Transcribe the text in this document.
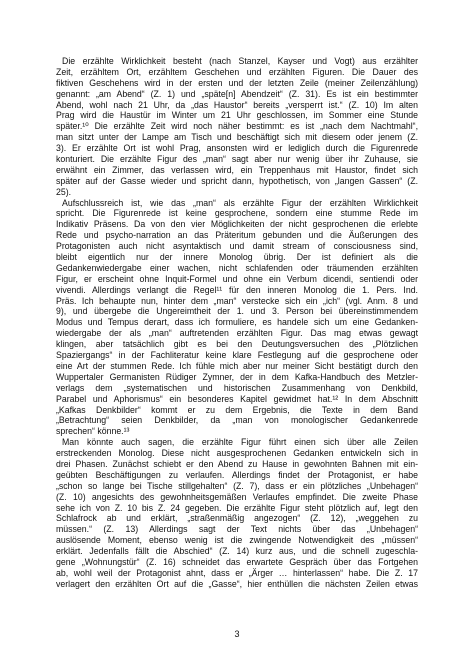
Die erzählte Wirklichkeit besteht (nach Stanzel, Kayser und Vogt) aus erzählter
Zeit, erzähltem Ort, erzähltem Geschehen und erzählten Figuren. Die Dauer des
fiktiven Geschehens wird in der ersten und der letzten Zeile (meiner Zeilenzählung)
genannt: „am Abend“ (Z. 1) und „späte[n] Abendzeit“ (Z. 31). Es ist ein bestimmter
Abend, wohl nach 21 Uhr, da „das Haustor“ bereits „versperrt ist.“ (Z. 10) Im alten
Prag wird die Haustür im Winter um 21 Uhr geschlossen, im Sommer eine Stunde
später.¹⁰ Die erzählte Zeit wird noch näher bestimmt: es ist „nach dem Nachtmahl“,
man sitzt unter der Lampe am Tisch und beschäftigt sich mit diesem oder jenem (Z.
3). Er erzählte Ort ist wohl Prag, ansonsten wird er lediglich durch die Figurenrede
konturiert. Die erzählte Figur des „man“ sagt aber nur wenig über ihr Zuhause, sie
erwähnt ein Zimmer, das verlassen wird, ein Treppenhaus mit Haustor, findet sich
später auf der Gasse wieder und spricht dann, hypothetisch, von „langen Gassen“ (Z.
25).
Aufschlussreich ist, wie das „man“ als erzählte Figur der erzählten Wirklichkeit
spricht. Die Figurenrede ist keine gesprochene, sondern eine stumme Rede im
Indikativ Präsens. Da von den vier Möglichkeiten der nicht gesprochenen die erlebte
Rede und psycho-narration an das Präteritum gebunden und die Äußerungen des
Protagonisten auch nicht asyntaktisch und damit stream of consciousness sind,
bleibt eigentlich nur der innere Monolog übrig. Der ist definiert als die
Gedankenwiedergabe einer wachen, nicht schlafenden oder träumenden erzählten
Figur, er erscheint ohne Inquit-Formel und ohne ein Verbum dicendi, sentiendi oder
vivendi. Allerdings verlangt die Regel¹¹ für den inneren Monolog die 1. Pers. Ind.
Präs. Ich behaupte nun, hinter dem „man“ verstecke sich ein „ich“ (vgl. Anm. 8 und
9), und übergebe die Ungereimtheit der 1. und 3. Person bei übereinstimmendem
Modus und Tempus derart, dass ich formuliere, es handele sich um eine Gedanken-
wiedergabe der als „man“ auftretenden erzählten Figur. Das mag etwas gewagt
klingen, aber tatsächlich gibt es bei den Deutungsversuchen des „Plötzlichen
Spaziergangs“ in der Fachliteratur keine klare Festlegung auf die gesprochene oder
eine Art der stummen Rede. Ich fühle mich aber nur meiner Sicht bestätigt durch den
Wuppertaler Germanisten Rüdiger Zymner, der in dem Kafka-Handbuch des Metzler-
verlags dem „systematischen und historischen Zusammenhang von Denkbild,
Parabel und Aphorismus“ ein besonderes Kapitel gewidmet hat.¹² In dem Abschnitt
„Kafkas Denkbilder“ kommt er zu dem Ergebnis, die Texte in dem Band
„Betrachtung“ seien Denkbilder, da „man von monologischer Gedankenrede
sprechen“ könne.¹³
Man könnte auch sagen, die erzählte Figur führt einen sich über alle Zeilen
erstreckenden Monolog. Diese nicht ausgesprochenen Gedanken entwickeln sich in
drei Phasen. Zunächst schiebt er den Abend zu Hause in gewohnten Bahnen mit ein-
geübten Beschäftigungen zu verlaufen. Allerdings findet der Protagonist, er habe
„schon so lange bei Tische stillgehalten“ (Z. 7), dass er ein plötzliches „Unbehagen“
(Z. 10) angesichts des gewohnheitsgemäßen Verlaufes empfindet. Die zweite Phase
sehe ich von Z. 10 bis Z. 24 gegeben. Die erzählte Figur steht plötzlich auf, legt den
Schlafrock ab und erklärt, „straßenmäßig angezogen“ (Z. 12), „weggehen zu
müssen.“ (Z. 13) Allerdings sagt der Text nichts über das „Unbehagen“
auslösende Moment, ebenso wenig ist die zwingende Notwendigkeit des „müssen“
erklärt. Jedenfalls fällt die Abschied“ (Z. 14) kurz aus, und die schnell zugeschla-
gene „Wohnungstür“ (Z. 16) schneidet das erwartete Gespräch über das Fortgehen
ab, wohl weil der Protagonist ahnt, dass er „Ärger … hinterlassen“ habe. Die Z. 17
verlagert den erzählten Ort auf die „Gasse“, hier enthüllen die nächsten Zeilen etwas
3
